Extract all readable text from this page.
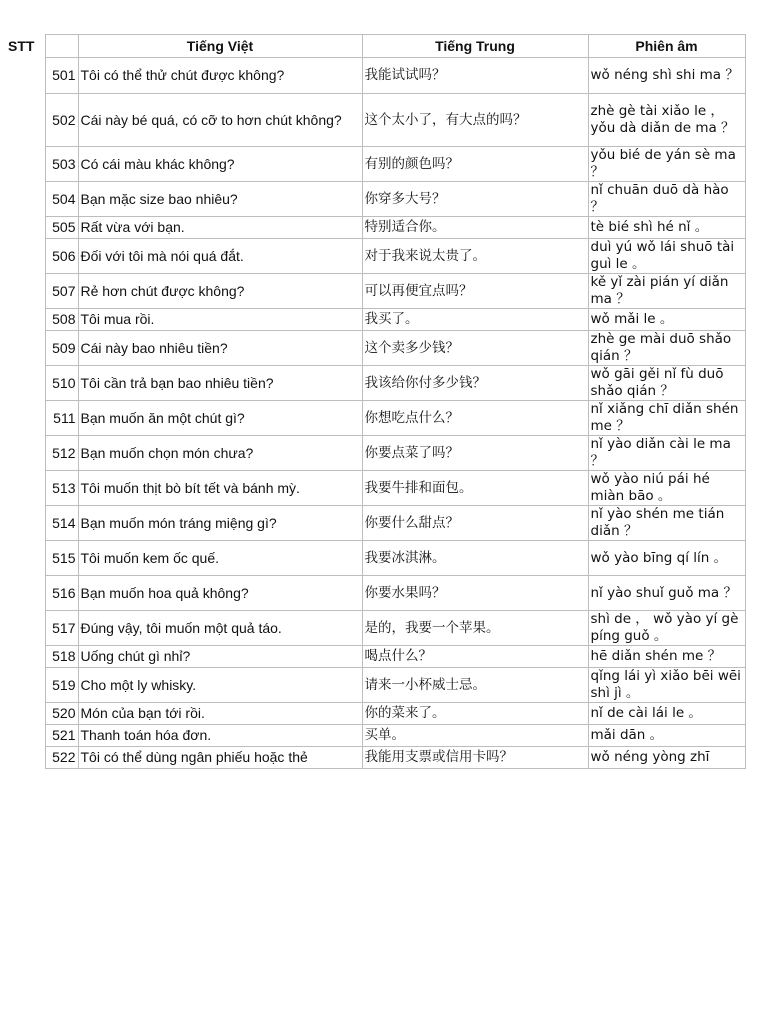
STT		Tiếng Việt	Tiếng Trung	Phiên âm
	501	Tôi có thể thử chút được không?	我能试试吗？	wǒ néng shì shi ma ？
	502	Cái này bé quá, có cỡ to hơn chút không?	这个太小了，有大点的吗？	zhè gè tài xiǎo le ， yǒu dà diǎn de ma ？
	503	Có cái màu khác không?	有别的颜色吗？	yǒu bié de yán sè ma ？
	504	Bạn mặc size bao nhiêu?	你穿多大号？	nǐ chuān duō dà hào ？
	505	Rất vừa với bạn.	特别适合你。	tè bié shì hé nǐ 。
	506	Đối với tôi mà nói quá đắt.	对于我来说太贵了。	duì yú wǒ lái shuō tài guì le 。
	507	Rẻ hơn chút được không?	可以再便宜点吗？	kě yǐ zài pián yí diǎn ma ？
	508	Tôi mua rồi.	我买了。	wǒ mǎi le 。
	509	Cái này bao nhiêu tiền?	这个卖多少钱？	zhè ge mài duō shǎo qián ？
	510	Tôi cần trả bạn bao nhiêu tiền?	我该给你付多少钱？	wǒ gāi gěi nǐ fù duō shǎo qián ？
	511	Bạn muốn ăn một chút gì?	你想吃点什么？	nǐ xiǎng chī diǎn shén me ？
	512	Bạn muốn chọn món chưa?	你要点菜了吗？	nǐ yào diǎn cài le ma ？
	513	Tôi muốn thịt bò bít tết và bánh mỳ.	我要牛排和面包。	wǒ yào niú pái hé miàn bāo 。
	514	Bạn muốn món tráng miệng gì?	你要什么甜点？	nǐ yào shén me tián diǎn ？
	515	Tôi muốn kem ốc quế.	我要冰淇淋。	wǒ yào bīng qí lín 。
	516	Bạn muốn hoa quả không?	你要水果吗？	nǐ yào shuǐ guǒ ma ？
	517	Đúng vậy, tôi muốn một quả táo.	是的，我要一个苹果。	shì de ， wǒ yào yí gè píng guǒ 。
	518	Uống chút gì nhỉ?	喝点什么？	hē diǎn shén me ？
	519	Cho một ly whisky.	请来一小杯威士忌。	qǐng lái yì xiǎo bēi wēi shì jì 。
	520	Món của bạn tới rồi.	你的菜来了。	nǐ de cài lái le 。
	521	Thanh toán hóa đơn.	买单。	mǎi dān 。
	522	Tôi có thể dùng ngân phiếu hoặc thẻ	我能用支票或信用卡吗？	wǒ néng yòng zhī
